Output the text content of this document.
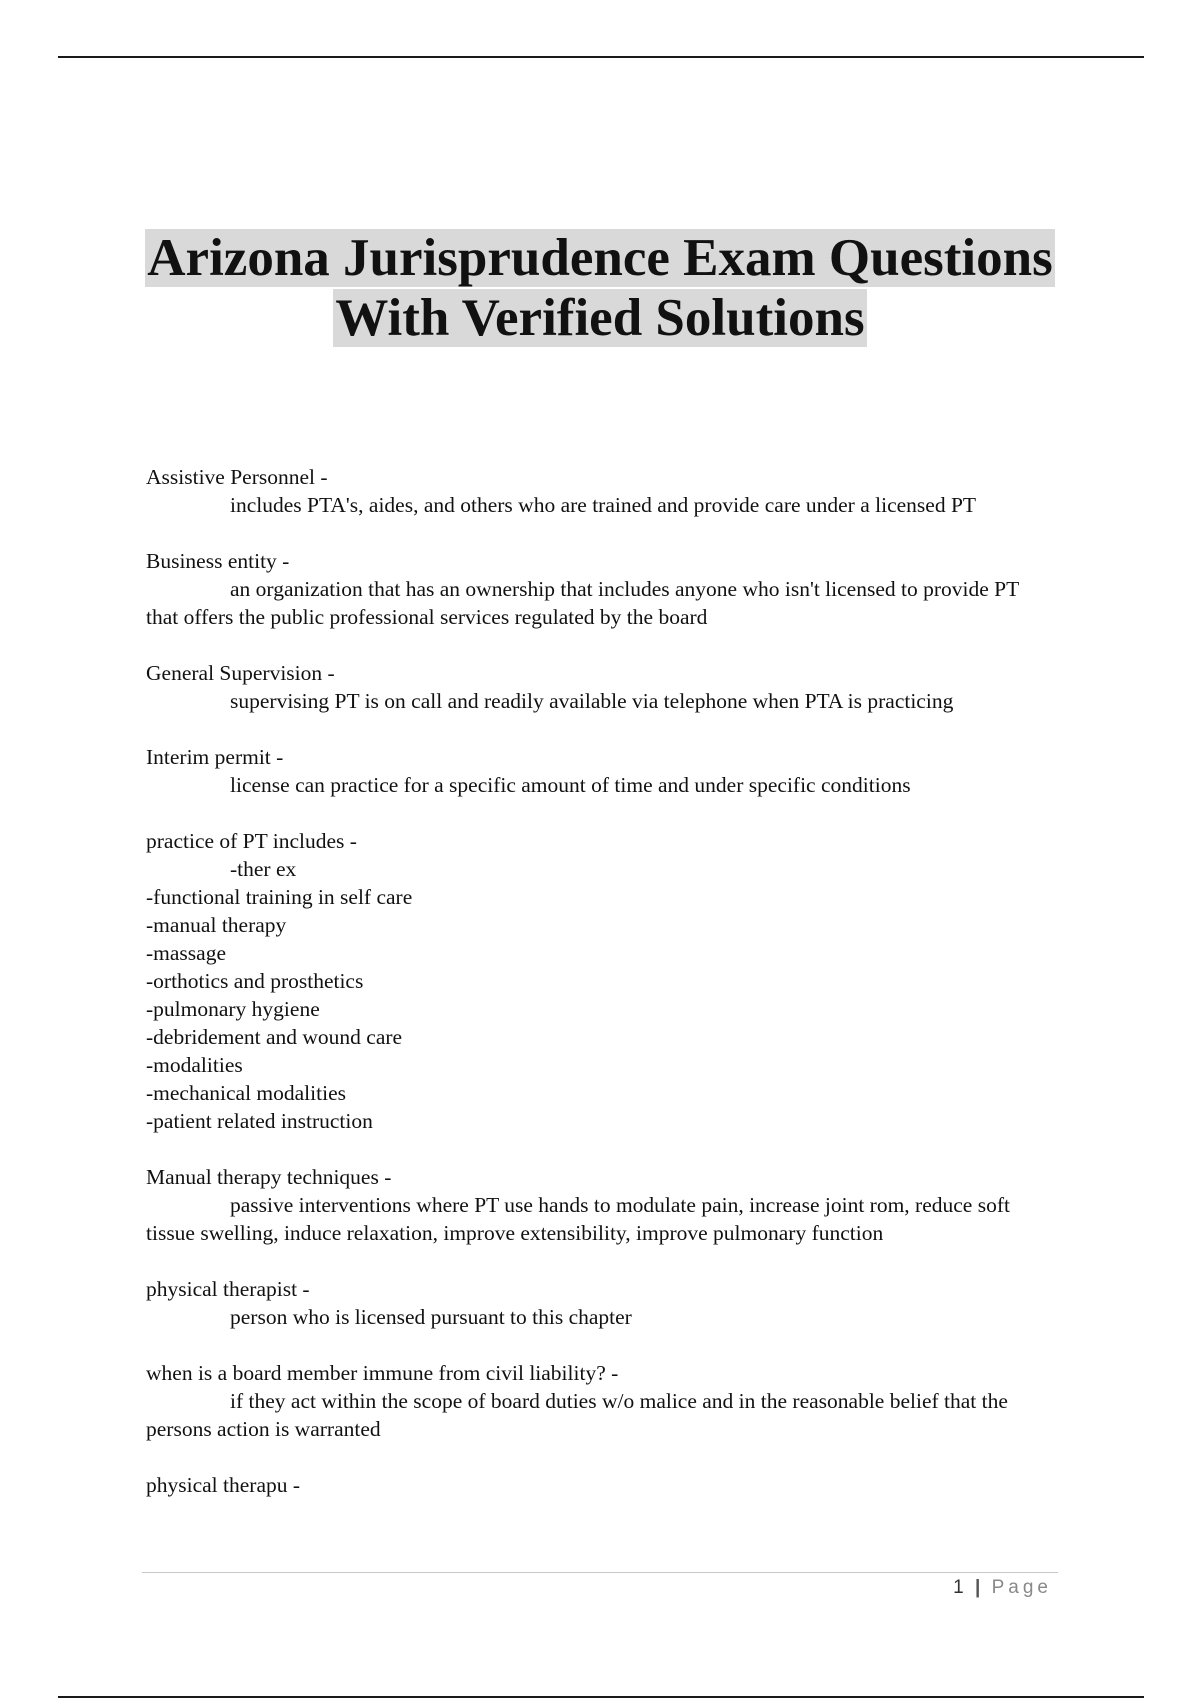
Arizona Jurisprudence Exam Questions
With Verified Solutions
Assistive Personnel -
includes PTA's, aides, and others who are trained and provide care under a licensed PT
Business entity -
an organization that has an ownership that includes anyone who isn't licensed to provide PT that offers the public professional services regulated by the board
General Supervision -
supervising PT is on call and readily available via telephone when PTA is practicing
Interim permit -
license can practice for a specific amount of time and under specific conditions
practice of PT includes -
-ther ex
-functional training in self care
-manual therapy
-massage
-orthotics and prosthetics
-pulmonary hygiene
-debridement and wound care
-modalities
-mechanical modalities
-patient related instruction
Manual therapy techniques -
passive interventions where PT use hands to modulate pain, increase joint rom, reduce soft tissue swelling, induce relaxation, improve extensibility, improve pulmonary function
physical therapist -
person who is licensed pursuant to this chapter
when is a board member immune from civil liability? -
if they act within the scope of board duties w/o malice and in the reasonable belief that the persons action is warranted
physical therapu -
1 | Page
